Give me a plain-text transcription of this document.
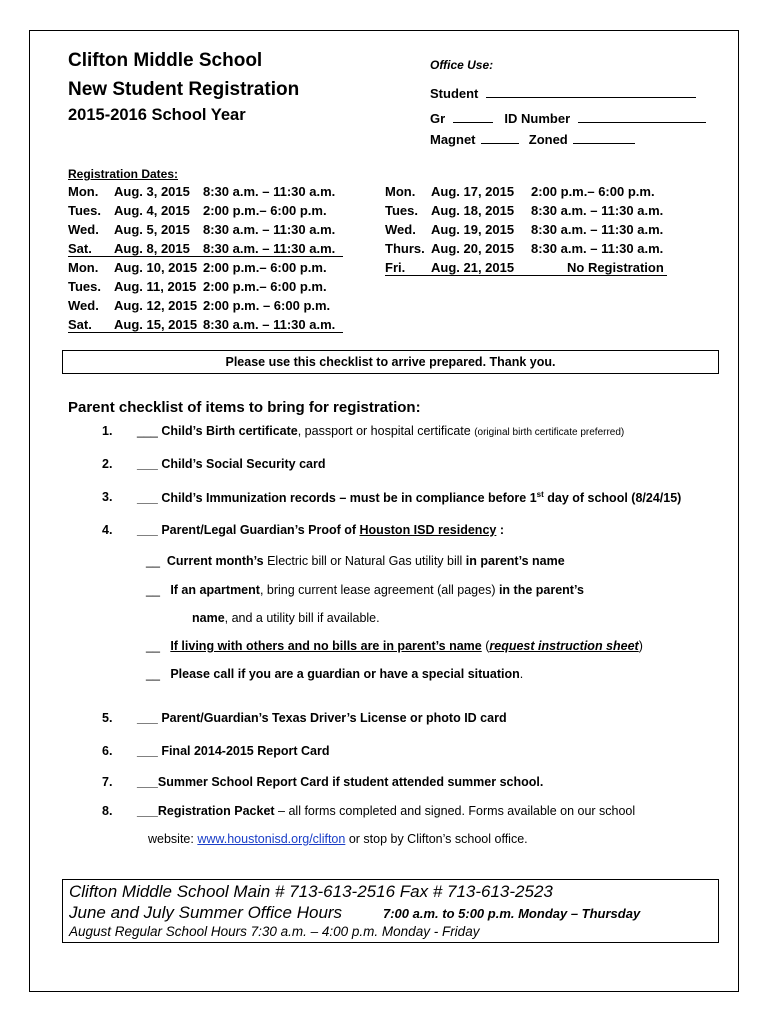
Clifton Middle School
New Student Registration
2015-2016 School Year
Office Use:
Student
Gr	ID Number
Magnet	Zoned
Registration Dates:
Mon. Aug. 3, 2015 8:30 a.m. – 11:30 a.m.
Tues. Aug. 4, 2015 2:00 p.m.– 6:00 p.m.
Wed. Aug. 5, 2015 8:30 a.m. – 11:30 a.m.
Sat. Aug. 8, 2015 8:30 a.m. – 11:30 a.m.
Mon. Aug. 10, 2015 2:00 p.m.– 6:00 p.m.
Tues. Aug. 11, 2015 2:00 p.m.– 6:00 p.m.
Wed. Aug. 12, 2015 2:00 p.m. – 6:00 p.m.
Sat. Aug. 15, 2015 8:30 a.m. – 11:30 a.m.
Mon. Aug. 17, 2015 2:00 p.m.– 6:00 p.m.
Tues. Aug. 18, 2015 8:30 a.m. – 11:30 a.m.
Wed. Aug. 19, 2015 8:30 a.m. – 11:30 a.m.
Thurs. Aug. 20, 2015 8:30 a.m. – 11:30 a.m.
Fri. Aug. 21, 2015	No Registration
Please use this checklist to arrive prepared. Thank you.
Parent checklist of items to bring for registration:
1. ___ Child’s Birth certificate, passport or hospital certificate (original birth certificate preferred)
2. ___ Child’s Social Security card
3. ___ Child’s Immunization records – must be in compliance before 1st day of school (8/24/15)
4. ___ Parent/Legal Guardian’s Proof of Houston ISD residency :
__ Current month’s Electric bill or Natural Gas utility bill in parent’s name
__ If an apartment, bring current lease agreement (all pages) in the parent’s
name, and a utility bill if available.
__ If living with others and no bills are in parent’s name (request instruction sheet)
__ Please call if you are a guardian or have a special situation.
5. ___ Parent/Guardian’s Texas Driver’s License or photo ID card
6. ___ Final 2014-2015 Report Card
7. ___Summer School Report Card if student attended summer school.
8. ___Registration Packet – all forms completed and signed. Forms available on our school
website: www.houstonisd.org/clifton or stop by Clifton’s school office.
Clifton Middle School Main # 713-613-2516 Fax # 713-613-2523
June and July Summer Office Hours	7:00 a.m. to 5:00 p.m. Monday – Thursday
August Regular School Hours 7:30 a.m. – 4:00 p.m. Monday - Friday
